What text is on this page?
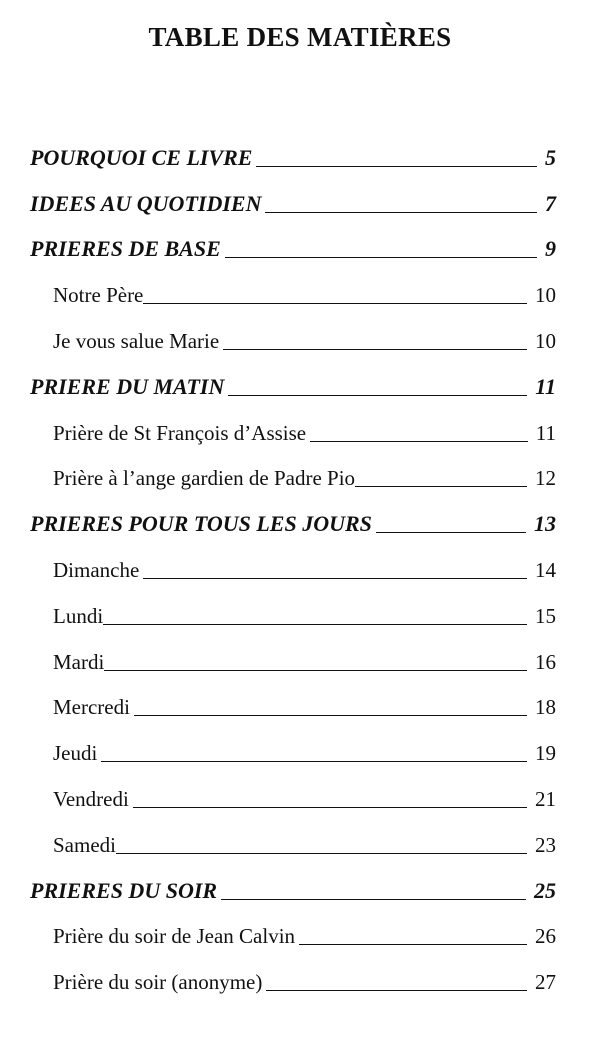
TABLE DES MATIÈRES
POURQUOI CE LIVRE	5
IDEES AU QUOTIDIEN	7
PRIERES DE BASE	9
Notre Père	10
Je vous salue Marie	10
PRIERE DU MATIN	11
Prière de St François d’Assise	11
Prière à l’ange gardien de Padre Pio	12
PRIERES POUR TOUS LES JOURS	13
Dimanche	14
Lundi	15
Mardi	16
Mercredi	18
Jeudi	19
Vendredi	21
Samedi	23
PRIERES DU SOIR	25
Prière du soir de Jean Calvin	26
Prière du soir (anonyme)	27
